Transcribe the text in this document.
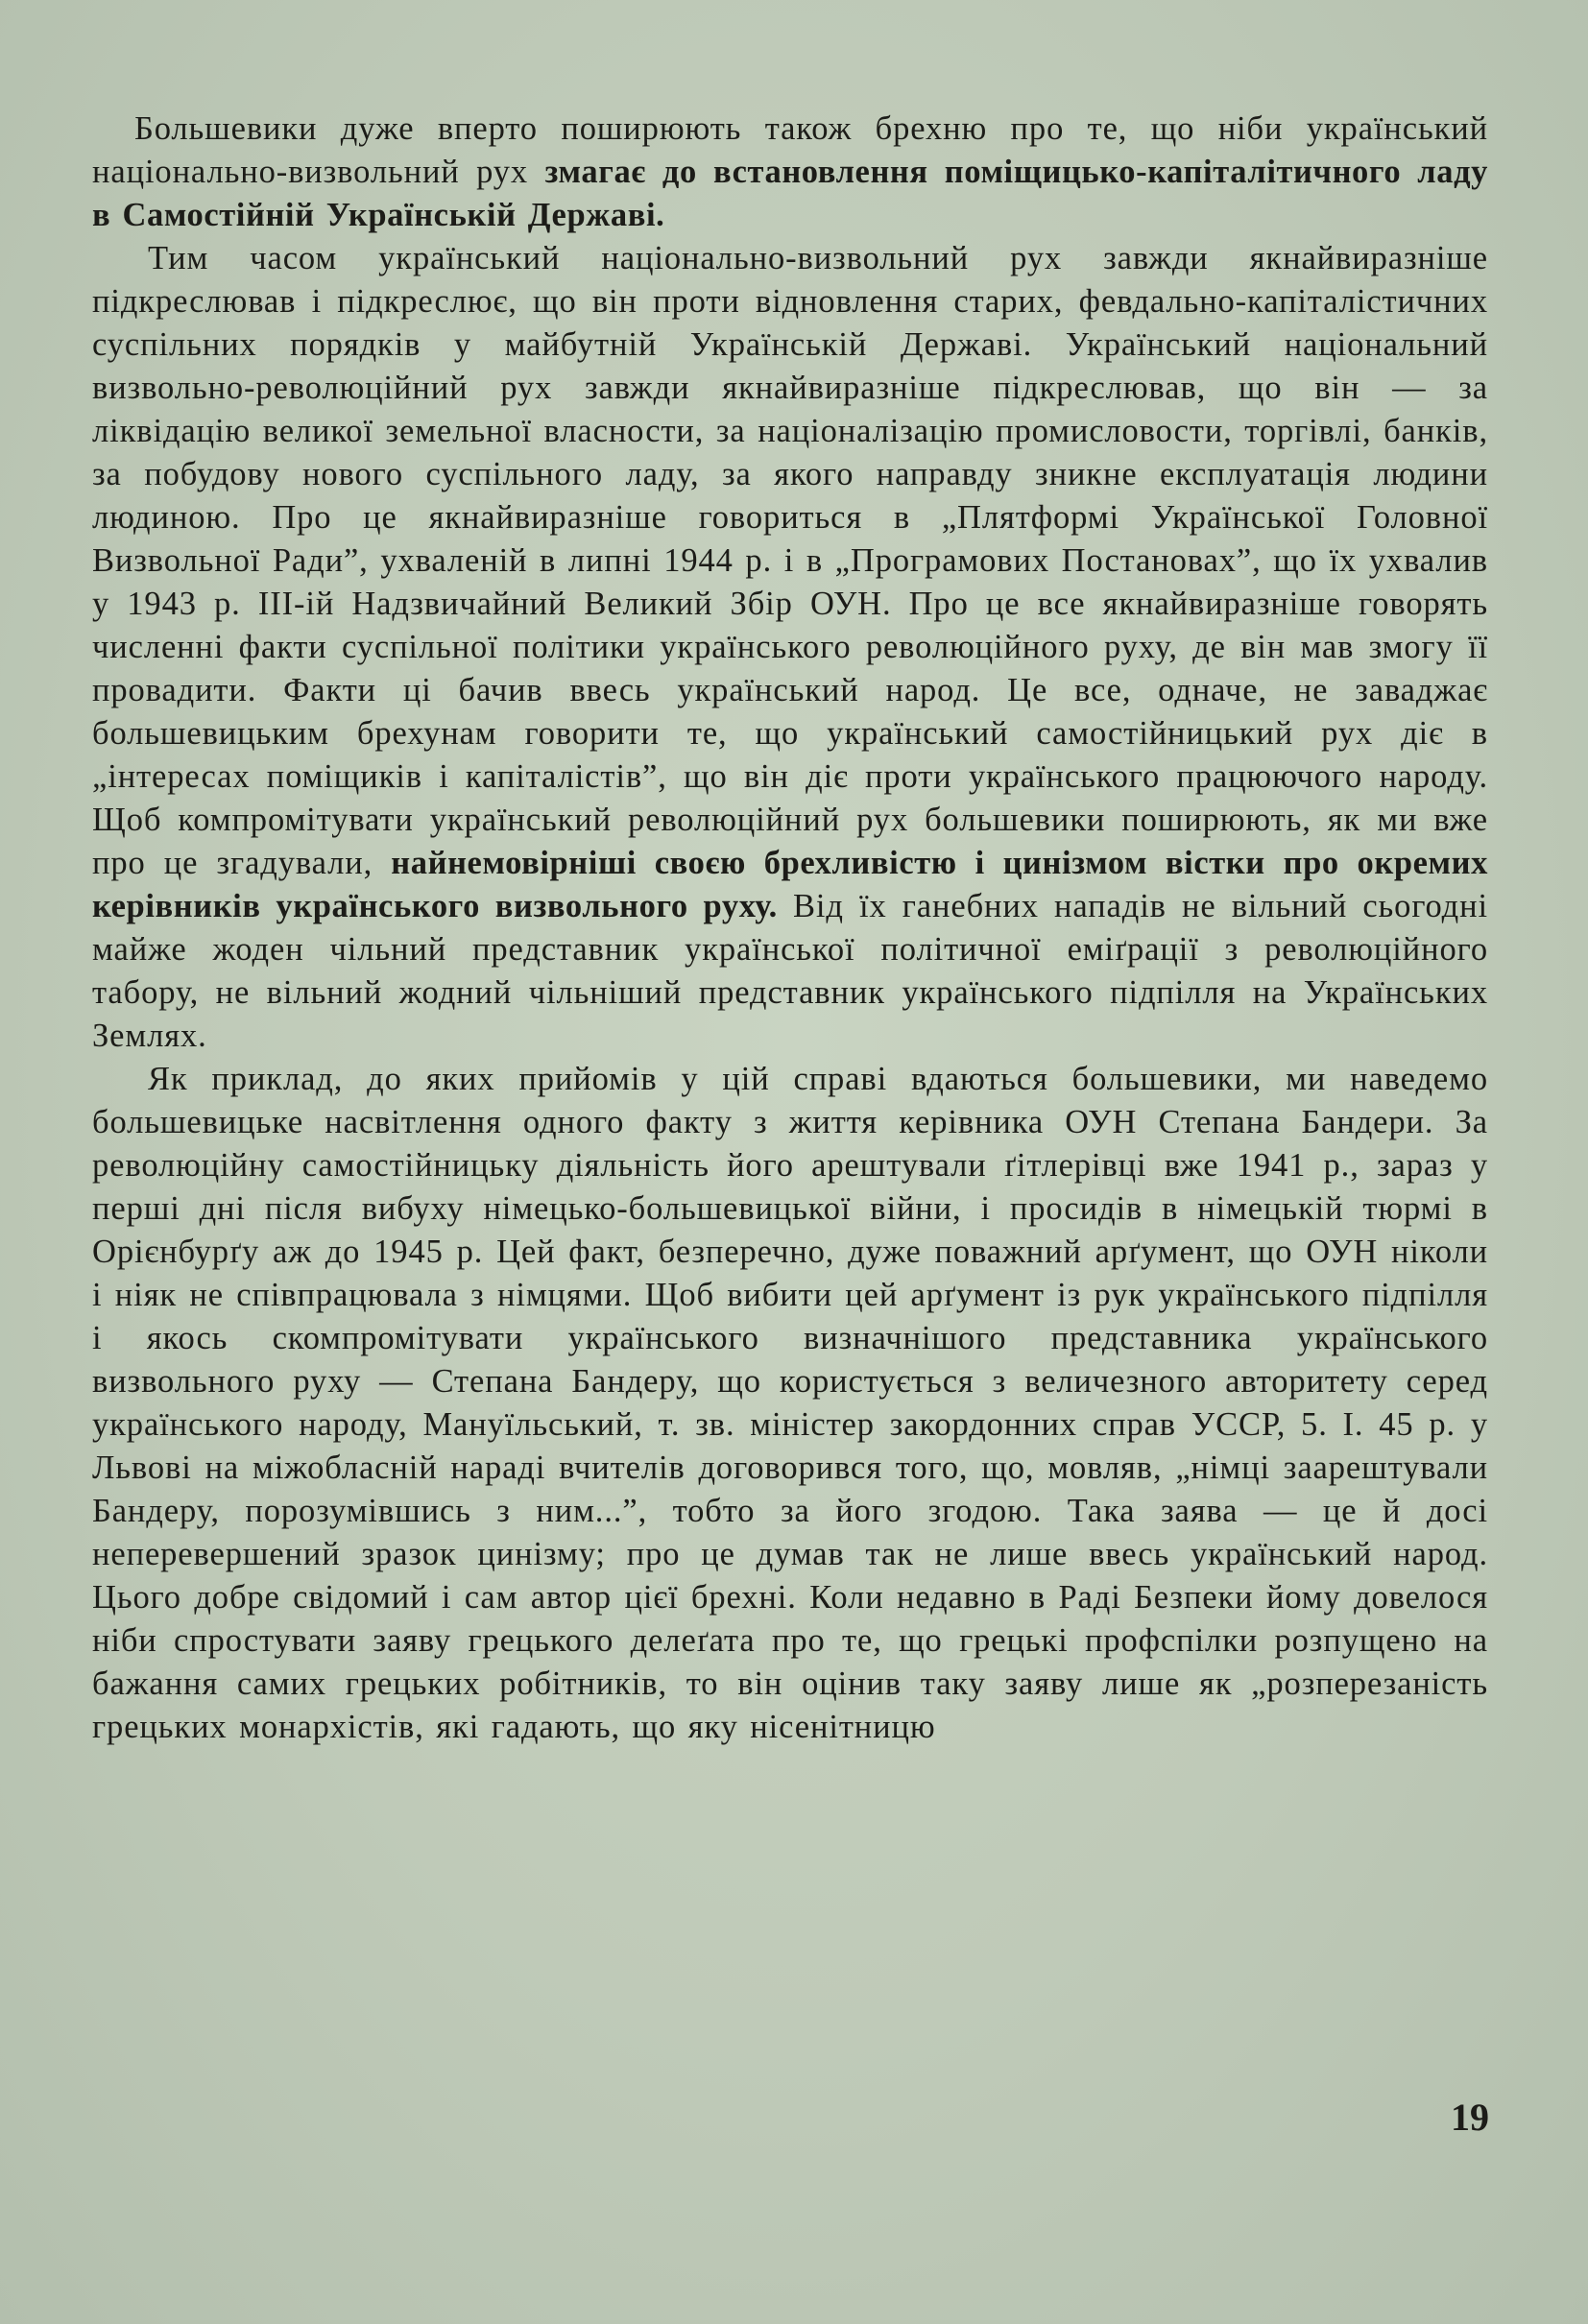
Большевики дуже вперто поширюють також брехню про те, що ніби український національно-визвольний рух змагає до встановлення поміщицько-капіталітичного ладу в Самостійній Українській Державі.

Тим часом український національно-визвольний рух завжди якнайвиразніше підкреслював і підкреслює, що він проти відновлення старих, февдально-капіталістичних суспільних порядків у майбутній Українській Державі. Український національний визвольно-революційний рух завжди якнайвиразніше підкреслював, що він — за ліквідацію великої земельної власности, за націоналізацію промисловости, торгівлі, банків, за побудову нового суспільного ладу, за якого направду зникне експлуатація людини людиною. Про це якнайвиразніше говориться в „Плятформі Української Головної Визвольної Ради”, ухваленій в липні 1944 р. і в „Програмових Постановах”, що їх ухвалив у 1943 р. ІІІ-ій Надзвичайний Великий Збір ОУН. Про це все якнайвиразніше говорять численні факти суспільної політики українського революційного руху, де він мав змогу її провадити. Факти ці бачив ввесь український народ. Це все, одначе, не заваджає большевицьким брехунам говорити те, що український самостійницький рух діє в „інтересах поміщиків і капіталістів”, що він діє проти українського працюючого народу. Щоб компромітувати український революційний рух большевики поширюють, як ми вже про це згадували, найнемовірніші своєю брехливістю і цинізмом вістки про окремих керівників українського визвольного руху. Від їх ганебних нападів не вільний сьогодні майже жоден чільний представник української політичної еміґрації з революційного табору, не вільний жодний чільніший представник українського підпілля на Українських Землях.

Як приклад, до яких прийомів у цій справі вдаються большевики, ми наведемо большевицьке насвітлення одного факту з життя керівника ОУН Степана Бандери. За революційну самостійницьку діяльність його арештували ґітлерівці вже 1941 р., зараз у перші дні після вибуху німецько-большевицької війни, і просидів в німецькій тюрмі в Орієнбурґу аж до 1945 р. Цей факт, безперечно, дуже поважний арґумент, що ОУН ніколи і ніяк не співпрацювала з німцями. Щоб вибити цей арґумент із рук українського підпілля і якось скомпромітувати українського визначнішого представника українського визвольного руху — Степана Бандеру, що користується з величезного авторитету серед українського народу, Мануїльський, т. зв. міністер закордонних справ УССР, 5. І. 45 р. у Львові на міжобласній нараді вчителів договорився того, що, мовляв, „німці заарештували Бандеру, порозумівшись з ним...”, тобто за його згодою. Така заява — це й досі неперевершений зразок цинізму; про це думав так не лише ввесь український народ. Цього добре свідомий і сам автор цієї брехні. Коли недавно в Раді Безпеки йому довелося ніби спростувати заяву грецького делеґата про те, що грецькі профспілки розпущено на бажання самих грецьких робітників, то він оцінив таку заяву лише як „розперезаність грецьких монархістів, які гадають, що яку нісенітницю

19
